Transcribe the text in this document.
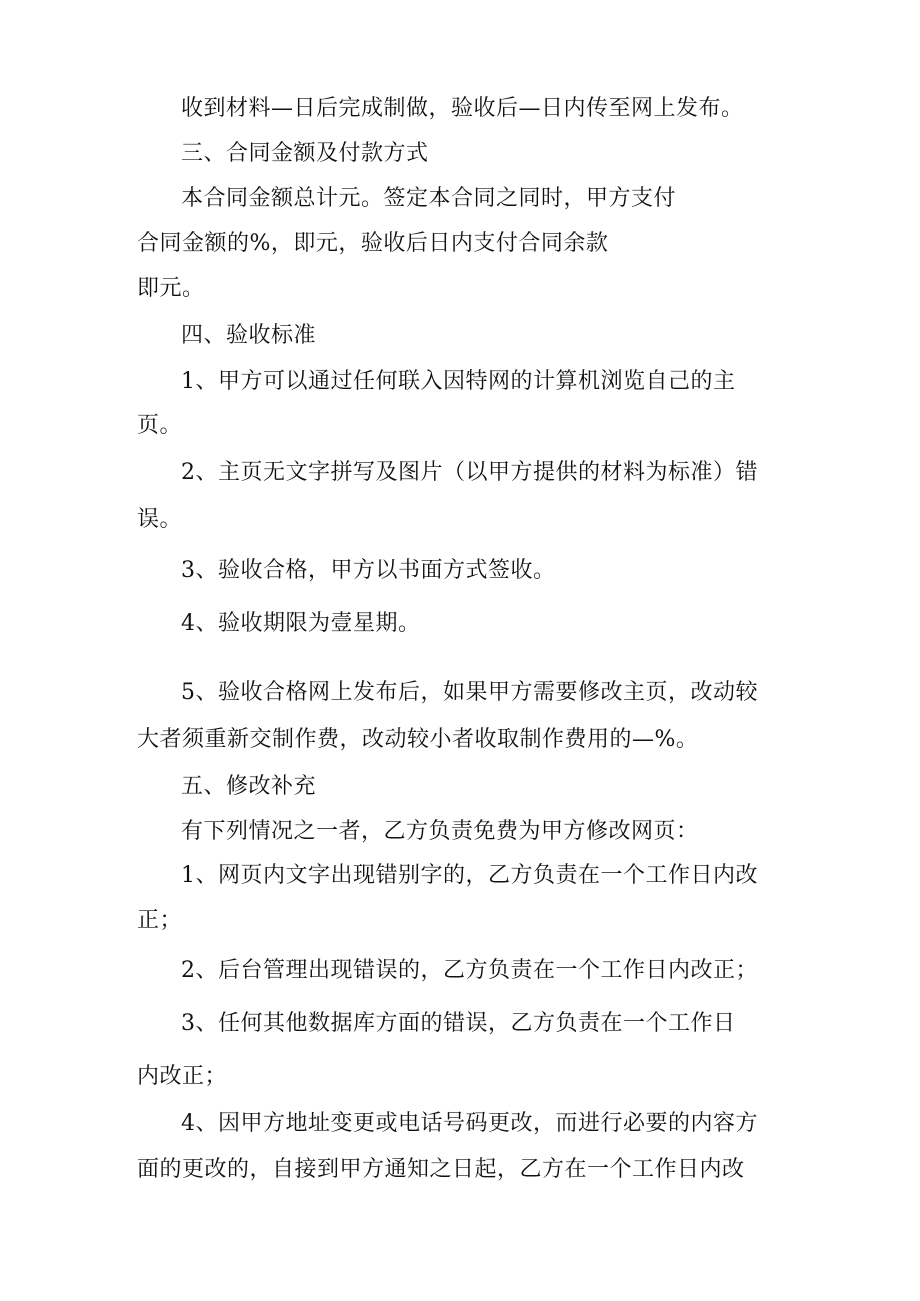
收到材料—日后完成制做，验收后—日内传至网上发布。
三、合同金额及付款方式
本合同金额总计元。签定本合同之同时，甲方支付
合同金额的%，即元，验收后日内支付合同余款
即元。
四、验收标准
1、甲方可以通过任何联入因特网的计算机浏览自己的主
页。
2、主页无文字拼写及图片（以甲方提供的材料为标准）错
误。
3、验收合格，甲方以书面方式签收。
4、验收期限为壹星期。
5、验收合格网上发布后，如果甲方需要修改主页，改动较
大者须重新交制作费，改动较小者收取制作费用的—%。
五、修改补充
有下列情况之一者，乙方负责免费为甲方修改网页：
1、网页内文字出现错别字的，乙方负责在一个工作日内改
正；
2、后台管理出现错误的，乙方负责在一个工作日内改正；
3、任何其他数据库方面的错误，乙方负责在一个工作日
内改正；
4、因甲方地址变更或电话号码更改，而进行必要的内容方
面的更改的，自接到甲方通知之日起，乙方在一个工作日内改
